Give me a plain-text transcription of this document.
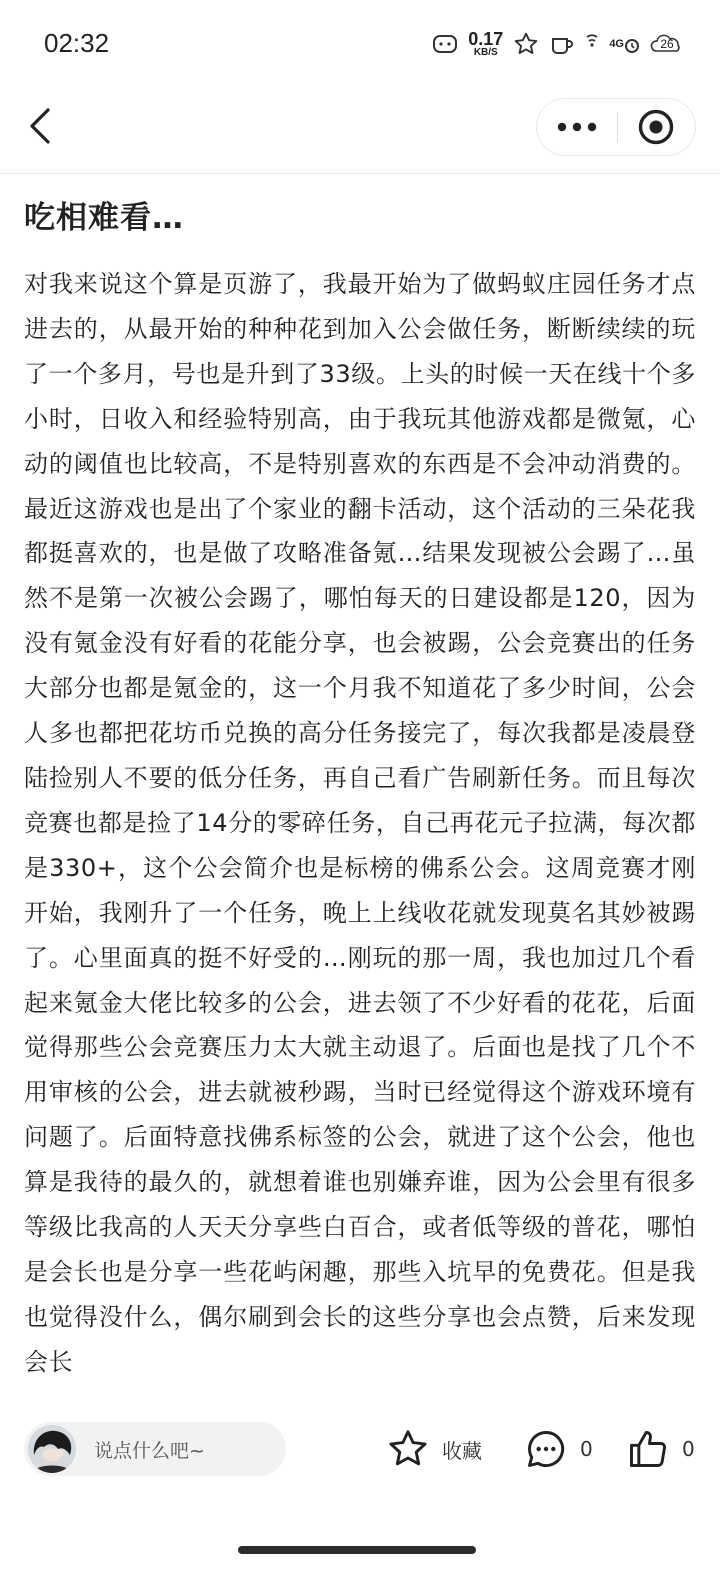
02:32	0.17
KB/S
4G	26
吃相难看…

对我来说这个算是页游了，我最开始为了做蚂蚁庄园任务才点进去的，从最开始的种种花到加入公会做任务，断断续续的玩了一个多月，号也是升到了33级。上头的时候一天在线十个多小时，日收入和经验特别高，由于我玩其他游戏都是微氪，心动的阈值也比较高，不是特别喜欢的东西是不会冲动消费的。最近这游戏也是出了个家业的翻卡活动，这个活动的三朵花我都挺喜欢的，也是做了攻略准备氪…结果发现被公会踢了…虽然不是第一次被公会踢了，哪怕每天的日建设都是120，因为没有氪金没有好看的花能分享，也会被踢，公会竞赛出的任务大部分也都是氪金的，这一个月我不知道花了多少时间，公会人多也都把花坊币兑换的高分任务接完了，每次我都是凌晨登陆捡别人不要的低分任务，再自己看广告刷新任务。而且每次竞赛也都是捡了14分的零碎任务，自己再花元子拉满，每次都是330+，这个公会简介也是标榜的佛系公会。这周竞赛才刚开始，我刚升了一个任务，晚上上线收花就发现莫名其妙被踢了。心里面真的挺不好受的…刚玩的那一周，我也加过几个看起来氪金大佬比较多的公会，进去领了不少好看的花花，后面觉得那些公会竞赛压力太大就主动退了。后面也是找了几个不用审核的公会，进去就被秒踢，当时已经觉得这个游戏环境有问题了。后面特意找佛系标签的公会，就进了这个公会，他也算是我待的最久的，就想着谁也别嫌弃谁，因为公会里有很多等级比我高的人天天分享些白百合，或者低等级的普花，哪怕是会长也是分享一些花屿闲趣，那些入坑早的免费花。但是我也觉得没什么，偶尔刷到会长的这些分享也会点赞，后来发现会长

说点什么吧~	收藏	0	0
